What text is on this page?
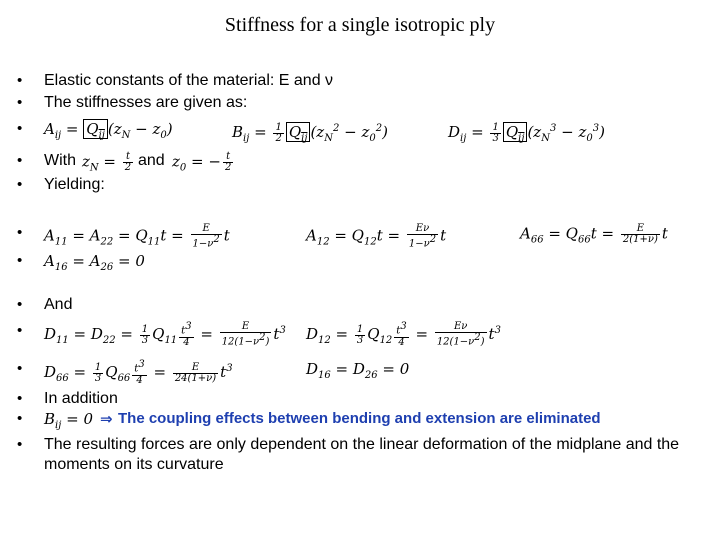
Stiffness for a single isotropic ply
• Elastic constants of the material: E and ν
• The stiffnesses are given as:
• $A_{ij} = Q_{ij}$ $(z_N - z_0)$	$B_{ij} = \frac{1}{2} Q_{ij}$ $(z_N^2 - z_0^2)$	$D_{ij} = \frac{1}{3} Q_{ij}$ $(z_N^3 - z_0^3)$
• With $z_N = \frac{t}{2}$ and $z_0$ = − $\frac{t}{2}$
• Yielding:
• $A_{11} = A_{22} = Q_{11}t = \frac{E}{1-\nu^2}$ t	$A_{12} = Q_{12}t = \frac{E\nu}{1-\nu^2}$ t	$A_{66} = Q_{66}t = \frac{E}{2(1+\nu)}$ t
• $A_{16} = A_{26} = 0$
• And
• $D_{11} = D_{22} = \frac{1}{3} Q_{11} \frac{t^3}{4} = \frac{E}{12(1-\nu^2)} t^3$ $D_{12} = \frac{1}{3} Q_{12} \frac{t^3}{4} = \frac{E\nu}{12(1-\nu^2)} t^3$
• $D_{66} = \frac{1}{3} Q_{66} \frac{t^3}{4} = \frac{E}{24(1+\nu)} t^3$	$D_{16} = D_{26} = 0$
• In addition
• $B_{ij} = 0$ ⇒ The coupling effects between bending and extension are eliminated
• The resulting forces are only dependent on the linear deformation of the midplane and the
moments on its curvature
